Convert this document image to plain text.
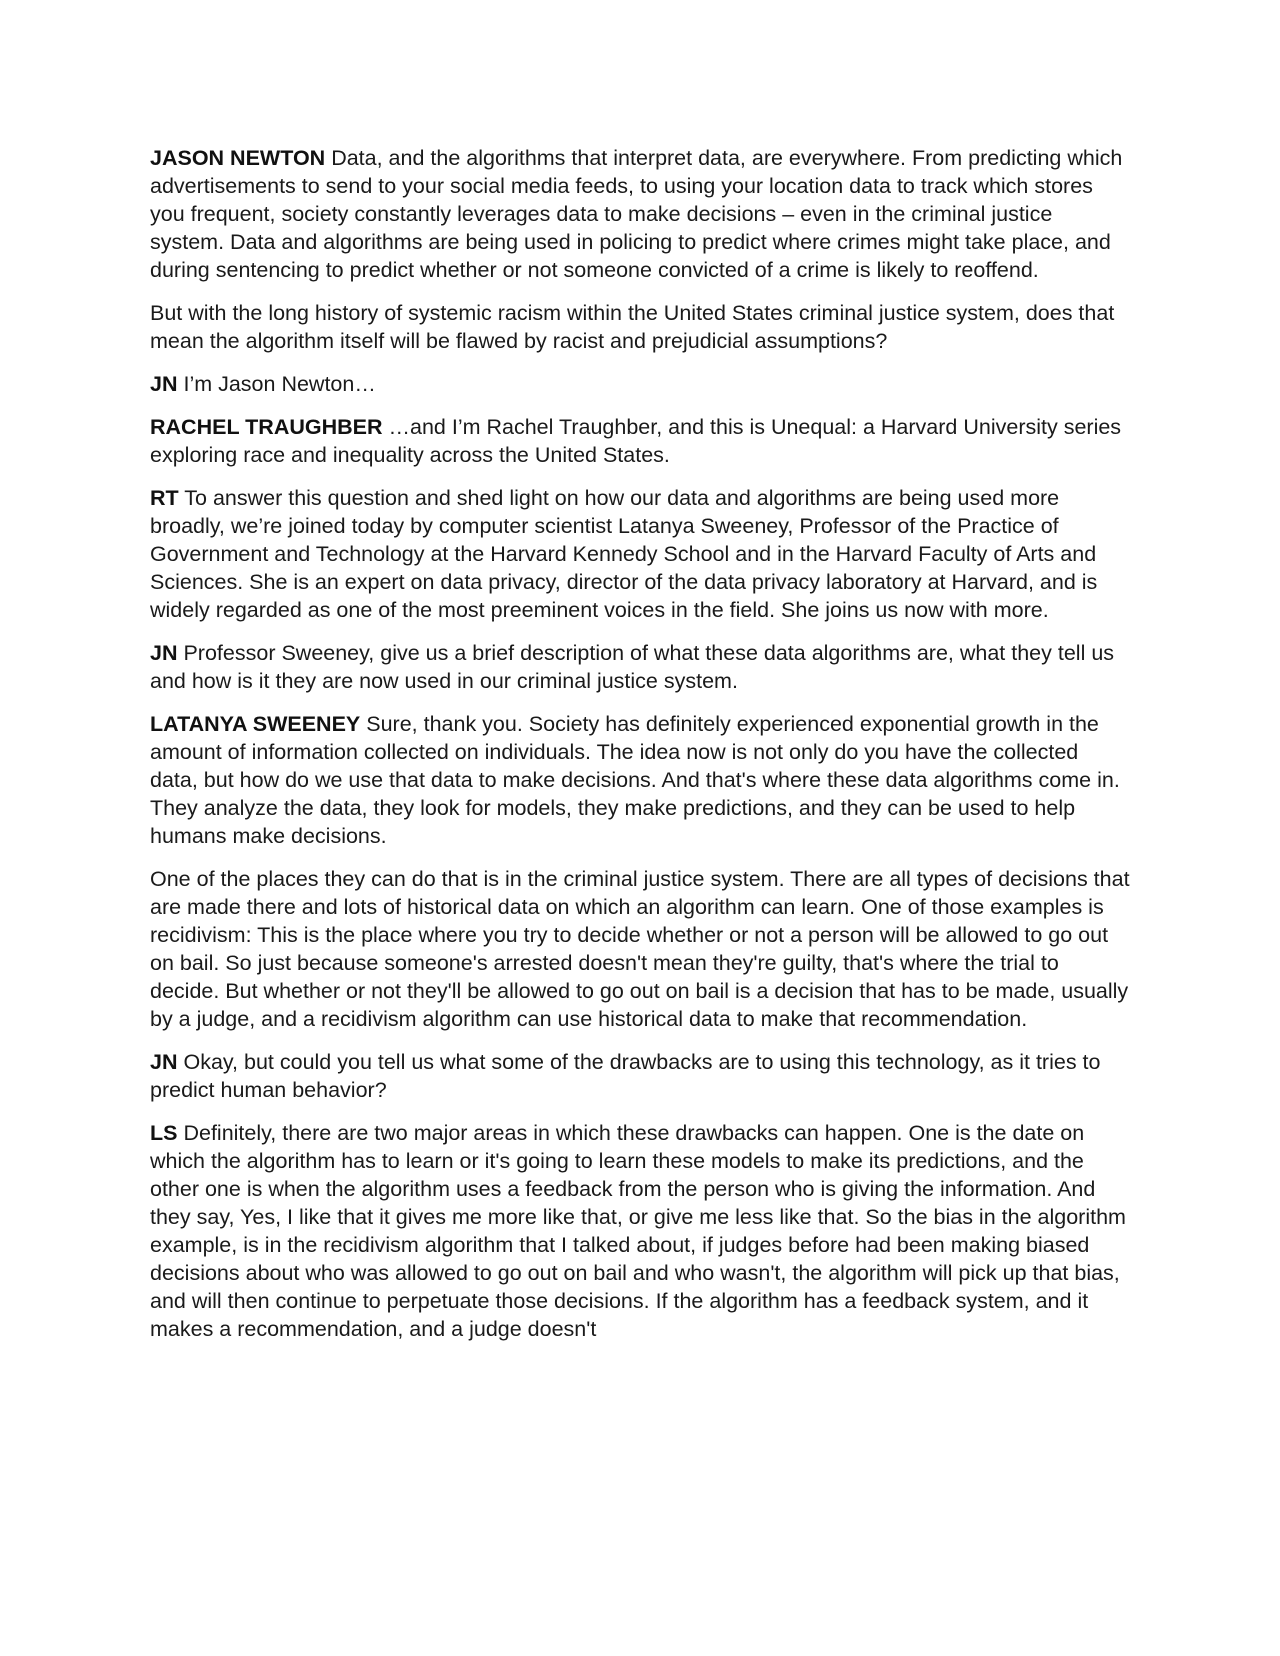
JASON NEWTON Data, and the algorithms that interpret data, are everywhere. From predicting which advertisements to send to your social media feeds, to using your location data to track which stores you frequent, society constantly leverages data to make decisions – even in the criminal justice system. Data and algorithms are being used in policing to predict where crimes might take place, and during sentencing to predict whether or not someone convicted of a crime is likely to reoffend.

But with the long history of systemic racism within the United States criminal justice system, does that mean the algorithm itself will be flawed by racist and prejudicial assumptions?

JN I’m Jason Newton…

RACHEL TRAUGHBER …and I’m Rachel Traughber, and this is Unequal: a Harvard University series exploring race and inequality across the United States.

RT To answer this question and shed light on how our data and algorithms are being used more broadly, we’re joined today by computer scientist Latanya Sweeney, Professor of the Practice of Government and Technology at the Harvard Kennedy School and in the Harvard Faculty of Arts and Sciences. She is an expert on data privacy, director of the data privacy laboratory at Harvard, and is widely regarded as one of the most preeminent voices in the field. She joins us now with more.

JN Professor Sweeney, give us a brief description of what these data algorithms are, what they tell us and how is it they are now used in our criminal justice system.

LATANYA SWEENEY Sure, thank you. Society has definitely experienced exponential growth in the amount of information collected on individuals. The idea now is not only do you have the collected data, but how do we use that data to make decisions. And that's where these data algorithms come in. They analyze the data, they look for models, they make predictions, and they can be used to help humans make decisions.

One of the places they can do that is in the criminal justice system. There are all types of decisions that are made there and lots of historical data on which an algorithm can learn. One of those examples is recidivism: This is the place where you try to decide whether or not a person will be allowed to go out on bail. So just because someone's arrested doesn't mean they're guilty, that's where the trial to decide. But whether or not they'll be allowed to go out on bail is a decision that has to be made, usually by a judge, and a recidivism algorithm can use historical data to make that recommendation.

JN Okay, but could you tell us what some of the drawbacks are to using this technology, as it tries to predict human behavior?

LS Definitely, there are two major areas in which these drawbacks can happen. One is the date on which the algorithm has to learn or it's going to learn these models to make its predictions, and the other one is when the algorithm uses a feedback from the person who is giving the information. And they say, Yes, I like that it gives me more like that, or give me less like that. So the bias in the algorithm example, is in the recidivism algorithm that I talked about, if judges before had been making biased decisions about who was allowed to go out on bail and who wasn't, the algorithm will pick up that bias, and will then continue to perpetuate those decisions. If the algorithm has a feedback system, and it makes a recommendation, and a judge doesn't
